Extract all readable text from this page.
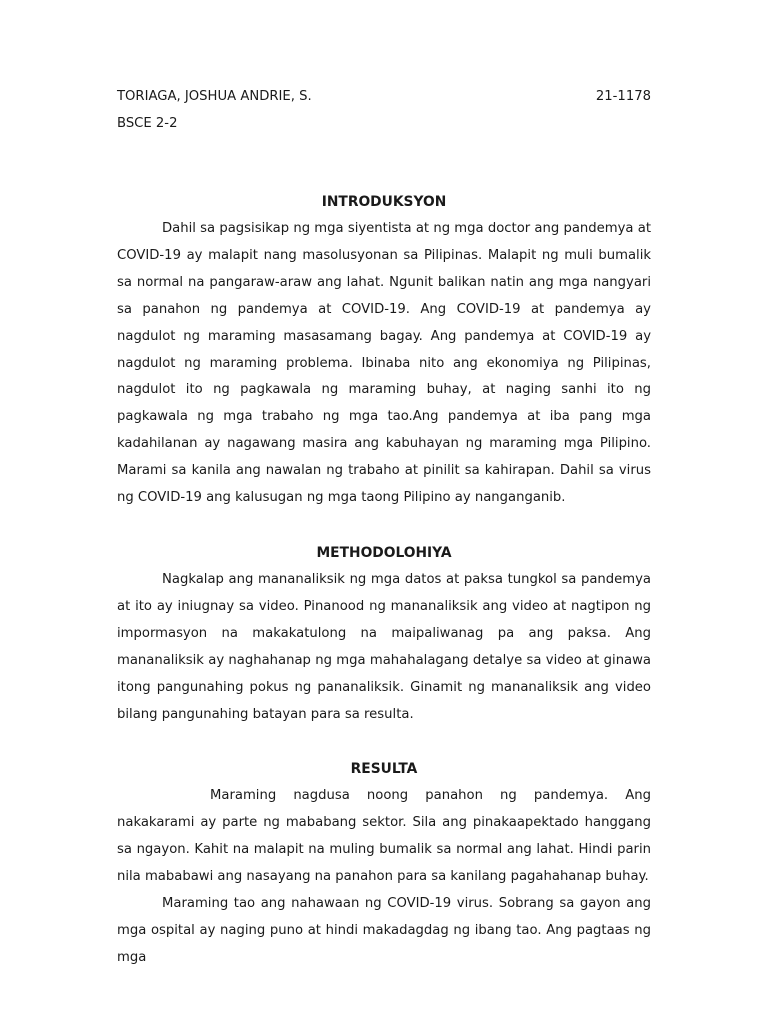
TORIAGA, JOSHUA ANDRIE, S.	21-1178
BSCE 2-2
INTRODUKSYON

Dahil sa pagsisikap ng mga siyentista at ng mga doctor ang pandemya at COVID-19 ay malapit nang masolusyonan sa Pilipinas. Malapit ng muli bumalik sa normal na pangaraw-araw ang lahat. Ngunit balikan natin ang mga nangyari sa panahon ng pandemya at COVID-19. Ang COVID-19 at pandemya ay nagdulot ng maraming masasamang bagay. Ang pandemya at COVID-19 ay nagdulot ng maraming problema. Ibinaba nito ang ekonomiya ng Pilipinas, nagdulot ito ng pagkawala ng maraming buhay, at naging sanhi ito ng pagkawala ng mga trabaho ng mga tao.Ang pandemya at iba pang mga kadahilanan ay nagawang masira ang kabuhayan ng maraming mga Pilipino. Marami sa kanila ang nawalan ng trabaho at pinilit sa kahirapan. Dahil sa virus ng COVID-19 ang kalusugan ng mga taong Pilipino ay nanganganib.

METHODOLOHIYA

Nagkalap ang mananaliksik ng mga datos at paksa tungkol sa pandemya at ito ay iniugnay sa video. Pinanood ng mananaliksik ang video at nagtipon ng impormasyon na makakatulong na maipaliwanag pa ang paksa. Ang mananaliksik ay naghahanap ng mga mahahalagang detalye sa video at ginawa itong pangunahing pokus ng pananaliksik. Ginamit ng mananaliksik ang video bilang pangunahing batayan para sa resulta.

RESULTA

Maraming nagdusa noong panahon ng pandemya. Ang nakakarami ay parte ng mababang sektor. Sila ang pinakaapektado hanggang sa ngayon. Kahit na malapit na muling bumalik sa normal ang lahat. Hindi parin nila mababawi ang nasayang na panahon para sa kanilang pagahahanap buhay.

Maraming tao ang nahawaan ng COVID-19 virus. Sobrang sa gayon ang mga ospital ay naging puno at hindi makadagdag ng ibang tao. Ang pagtaas ng mga
